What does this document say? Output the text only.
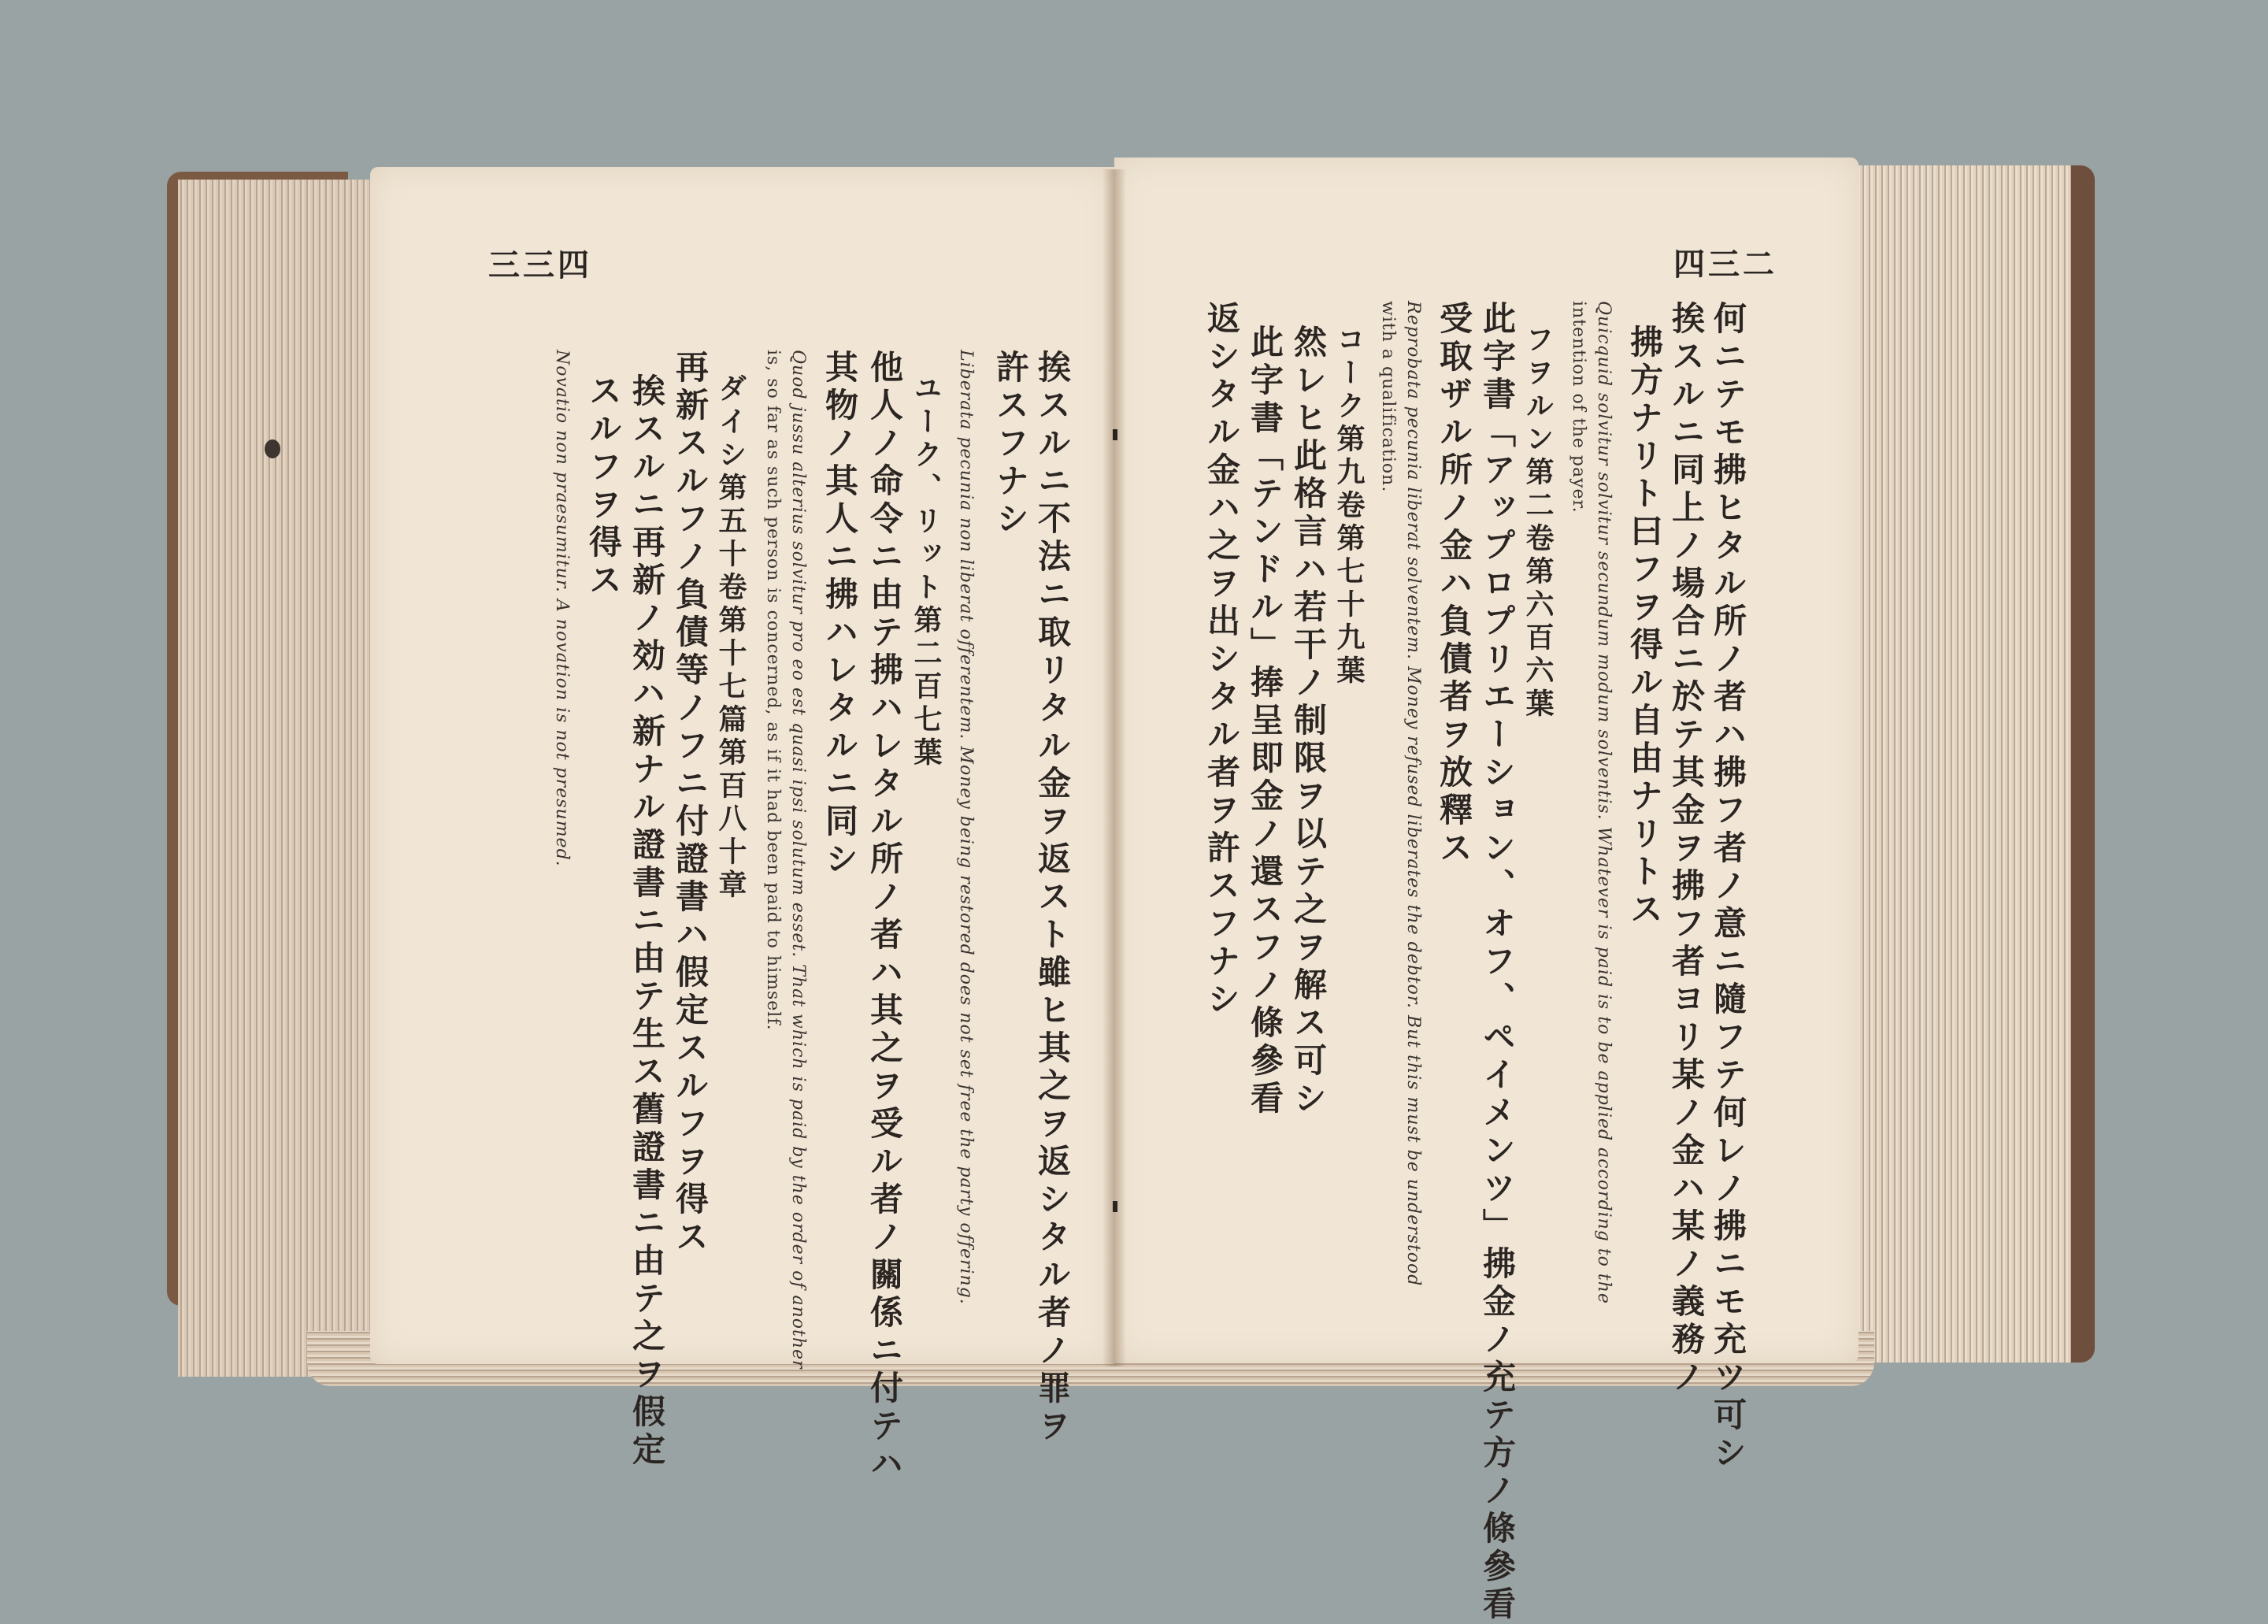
三三四
挨スルニ不法ニ取リタル金ヲ返スト雖ヒ其之ヲ返シタル者ノ罪ヲ
許スフナシ
Liberata pecunia non liberat offerentem. Money being restored does not set free the party offering.
ユーク、リット第二百七葉
他人ノ命令ニ由テ拂ハレタル所ノ者ハ其之ヲ受ル者ノ關係ニ付テハ
其物ノ其人ニ拂ハレタルニ同シ
Quod jussu alterius solvitur pro eo est quasi ipsi solutum esset. That which is paid by the order of another
is, so far as such person is concerned, as if it had been paid to himself.
ダイシ第五十卷第十七篇第百八十章
再新スルフノ負債等ノフニ付證書ハ假定スルフヲ得ス
挨スルニ再新ノ効ハ新ナル證書ニ由テ生ス舊證書ニ由テ之ヲ假定
スルフヲ得ス
Novatio non praesumitur. A novation is not presumed.
四三二
何ニテモ拂ヒタル所ノ者ハ拂フ者ノ意ニ隨フテ何レノ拂ニモ充ツ可シ
挨スルニ同上ノ場合ニ於テ其金ヲ拂フ者ヨリ某ノ金ハ某ノ義務ノ
拂方ナリト曰フヲ得ル自由ナリトス
Quicquid solvitur solvitur secundum modum solventis. Whatever is paid is to be applied according to the
intention of the payer.
フヲルン第二卷第六百六葉
此字書「アップロプリエーション、オフ、ペイメンツ」拂金ノ充テ方ノ條參看
受取ザル所ノ金ハ負債者ヲ放釋ス
Reprobata pecunia liberat solventem. Money refused liberates the debtor. But this must be understood
with a qualification.
コーク第九卷第七十九葉
然レヒ此格言ハ若干ノ制限ヲ以テ之ヲ解ス可シ
此字書「テンドル」捧呈即金ノ還スフノ條參看
返シタル金ハ之ヲ出シタル者ヲ許スフナシ
